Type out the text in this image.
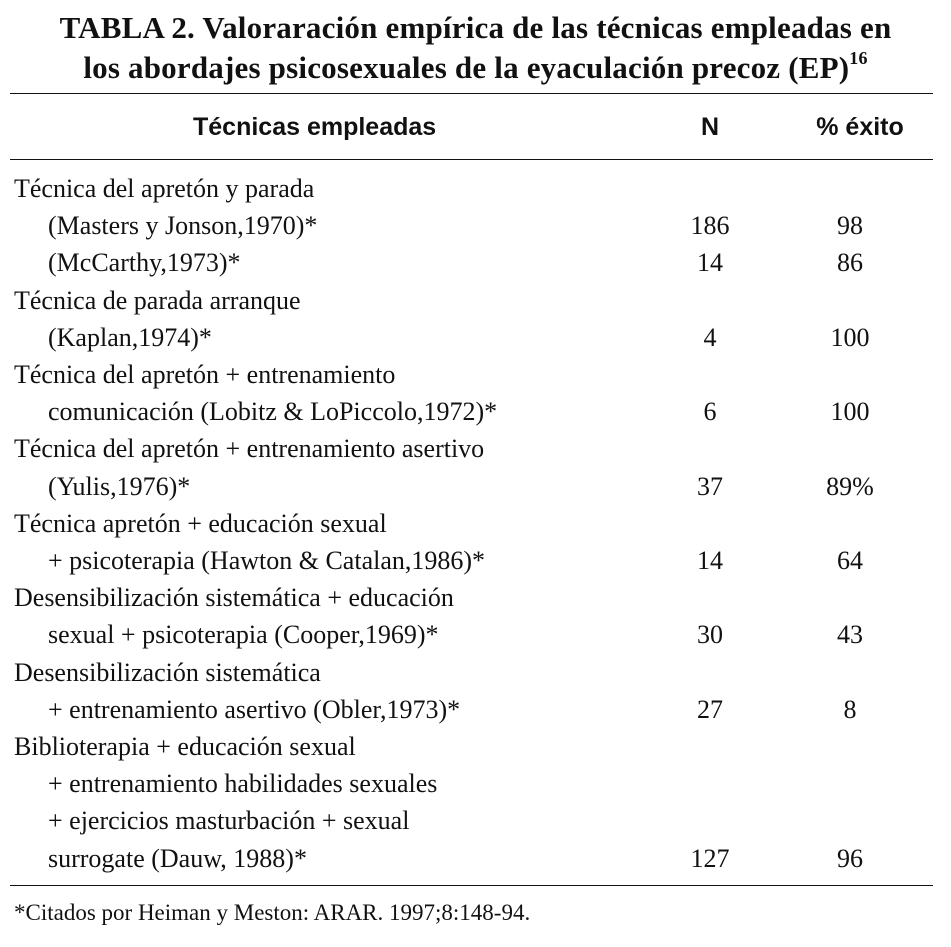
TABLA 2. Valoraración empírica de las técnicas empleadas en
los abordajes psicosexuales de la eyaculación precoz (EP)$^{16}$
Técnicas empleadas	N	% éxito
Técnica del apretón y parada
(Masters y Jonson,1970)*	186	98
(McCarthy,1973)*	14	86
Técnica de parada arranque
(Kaplan,1974)*	4	100
Técnica del apretón + entrenamiento
comunicación (Lobitz & LoPiccolo,1972)*	6	100
Técnica del apretón + entrenamiento asertivo
(Yulis,1976)*	37	89%
Técnica apretón + educación sexual
+ psicoterapia (Hawton & Catalan,1986)*	14	64
Desensibilización sistemática + educación
sexual + psicoterapia (Cooper,1969)*	30	43
Desensibilización sistemática
+ entrenamiento asertivo (Obler,1973)*	27	8
Biblioterapia + educación sexual
+ entrenamiento habilidades sexuales
+ ejercicios masturbación + sexual
surrogate (Dauw, 1988)*	127	96
*Citados por Heiman y Meston: ARAR. 1997;8:148-94.
